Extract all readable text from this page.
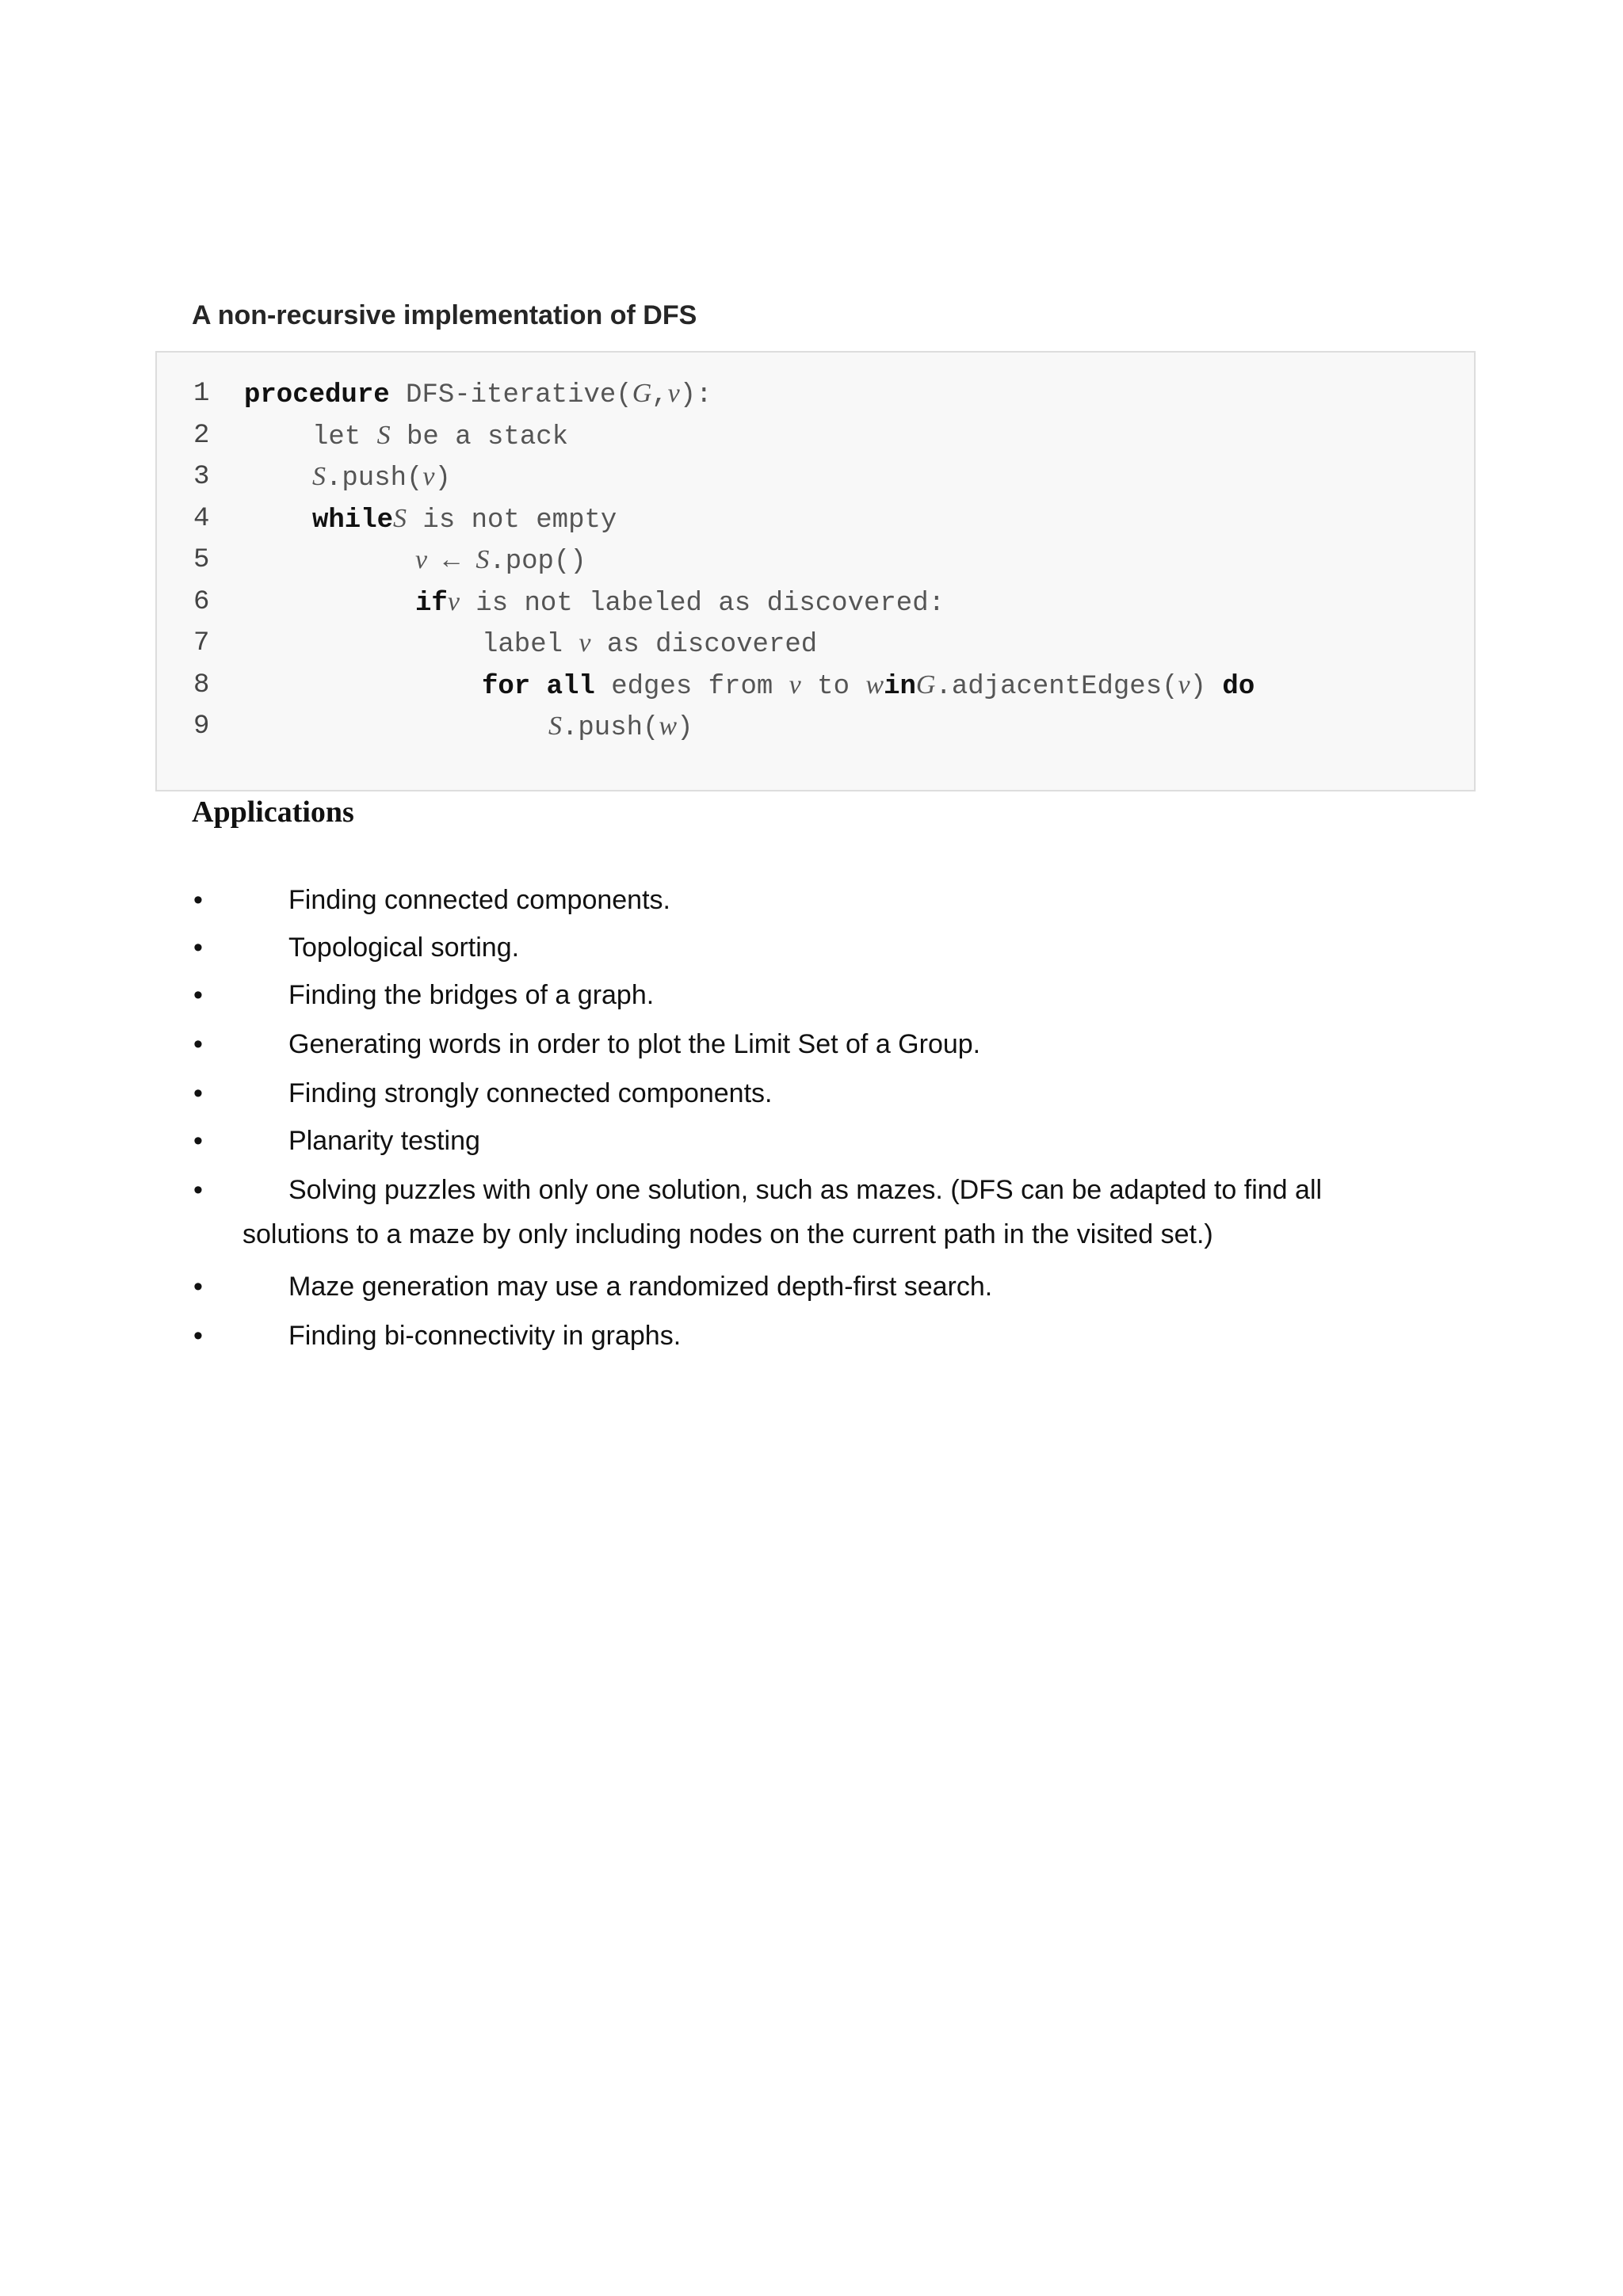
A non-recursive implementation of DFS
1 procedure DFS-iterative(G,v):
2	let S be a stack
3	S.push(v)
4	whileS is not empty
5	v ← S.pop()
6	ifv is not labeled as discovered:
7	label v as discovered
8	for all edges from v to winG.adjacentEdges(v) do
9	S.push(w)
Applications
•	Finding connected components.
•	Topological sorting.
•	Finding the bridges of a graph.
•	Generating words in order to plot the Limit Set of a Group.
•	Finding strongly connected components.
•	Planarity testing
•	Solving puzzles with only one solution, such as mazes. (DFS can be adapted to find all
solutions to a maze by only including nodes on the current path in the visited set.)
•	Maze generation may use a randomized depth-first search.
•	Finding bi-connectivity in graphs.
